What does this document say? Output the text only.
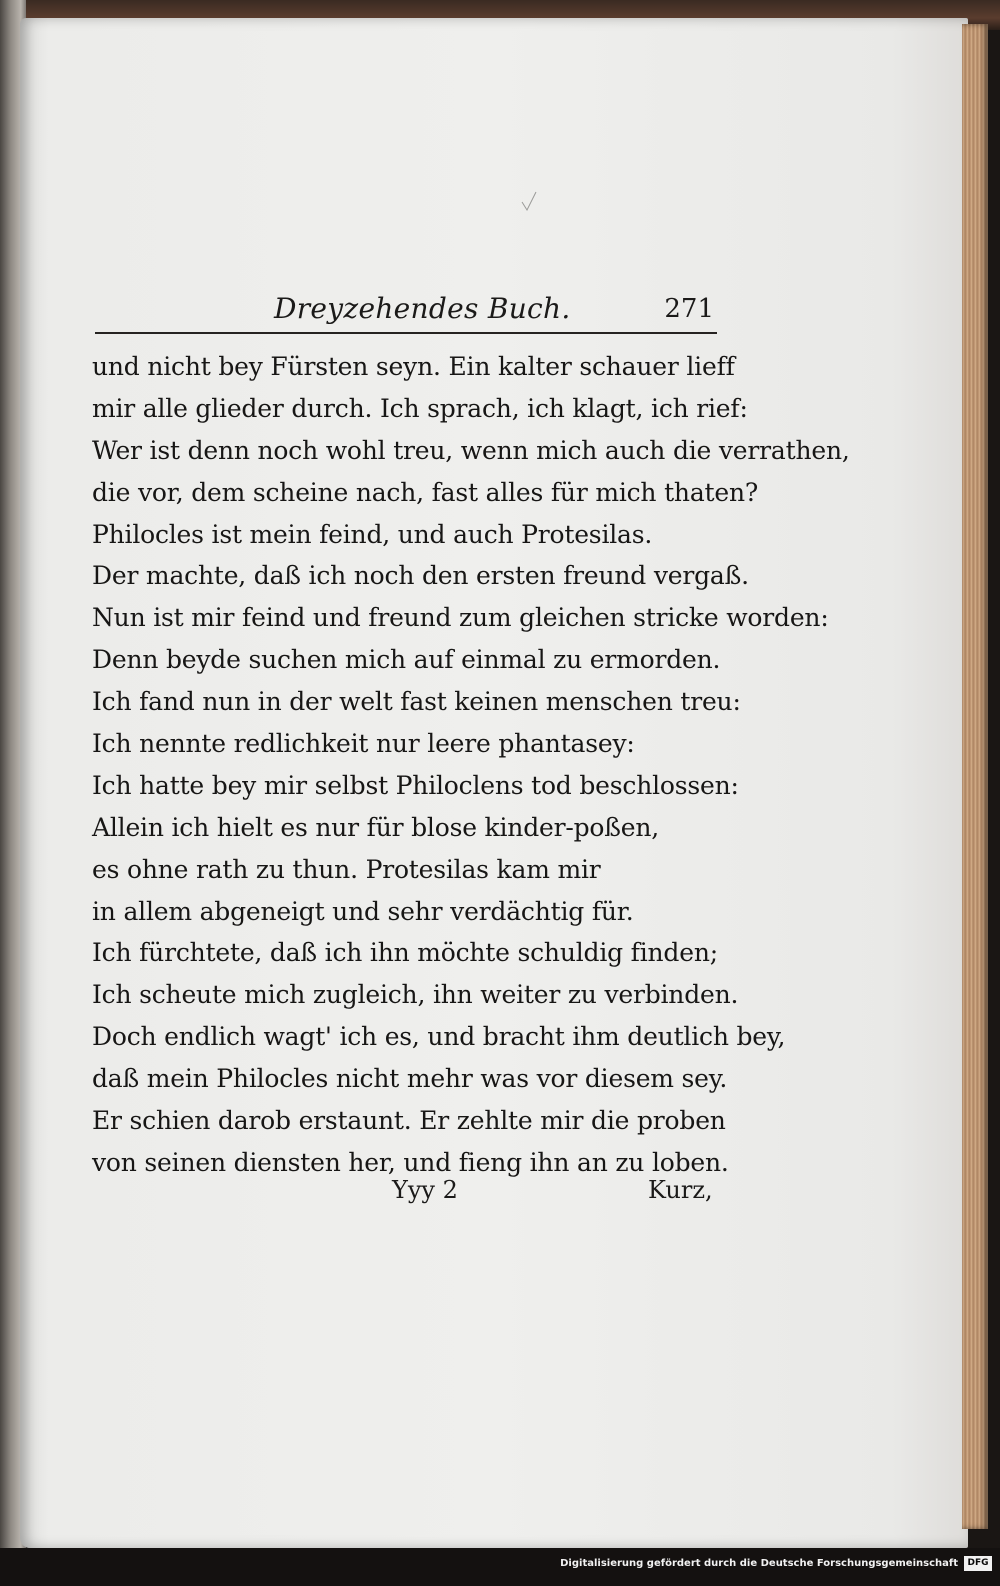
Dreyzehendes Buch.	271
und nicht bey Fürsten seyn. Ein kalter schauer lieff
mir alle glieder durch. Ich sprach, ich klagt, ich rief:
Wer ist denn noch wohl treu, wenn mich auch die verrathen,
die vor, dem scheine nach, fast alles für mich thaten?
Philocles ist mein feind, und auch Protesilas.
Der machte, daß ich noch den ersten freund vergaß.
Nun ist mir feind und freund zum gleichen stricke worden:
Denn beyde suchen mich auf einmal zu ermorden.
Ich fand nun in der welt fast keinen menschen treu:
Ich nennte redlichkeit nur leere phantasey:
Ich hatte bey mir selbst Philoclens tod beschlossen:
Allein ich hielt es nur für blose kinder-poßen,
es ohne rath zu thun. Protesilas kam mir
in allem abgeneigt und sehr verdächtig für.
Ich fürchtete, daß ich ihn möchte schuldig finden;
Ich scheute mich zugleich, ihn weiter zu verbinden.
Doch endlich wagt' ich es, und bracht ihm deutlich bey,
daß mein Philocles nicht mehr was vor diesem sey.
Er schien darob erstaunt. Er zehlte mir die proben
von seinen diensten her, und fieng ihn an zu loben.
Yyy 2	Kurz,
Digitalisierung gefördert durch die Deutsche Forschungsgemeinschaft	DFG
